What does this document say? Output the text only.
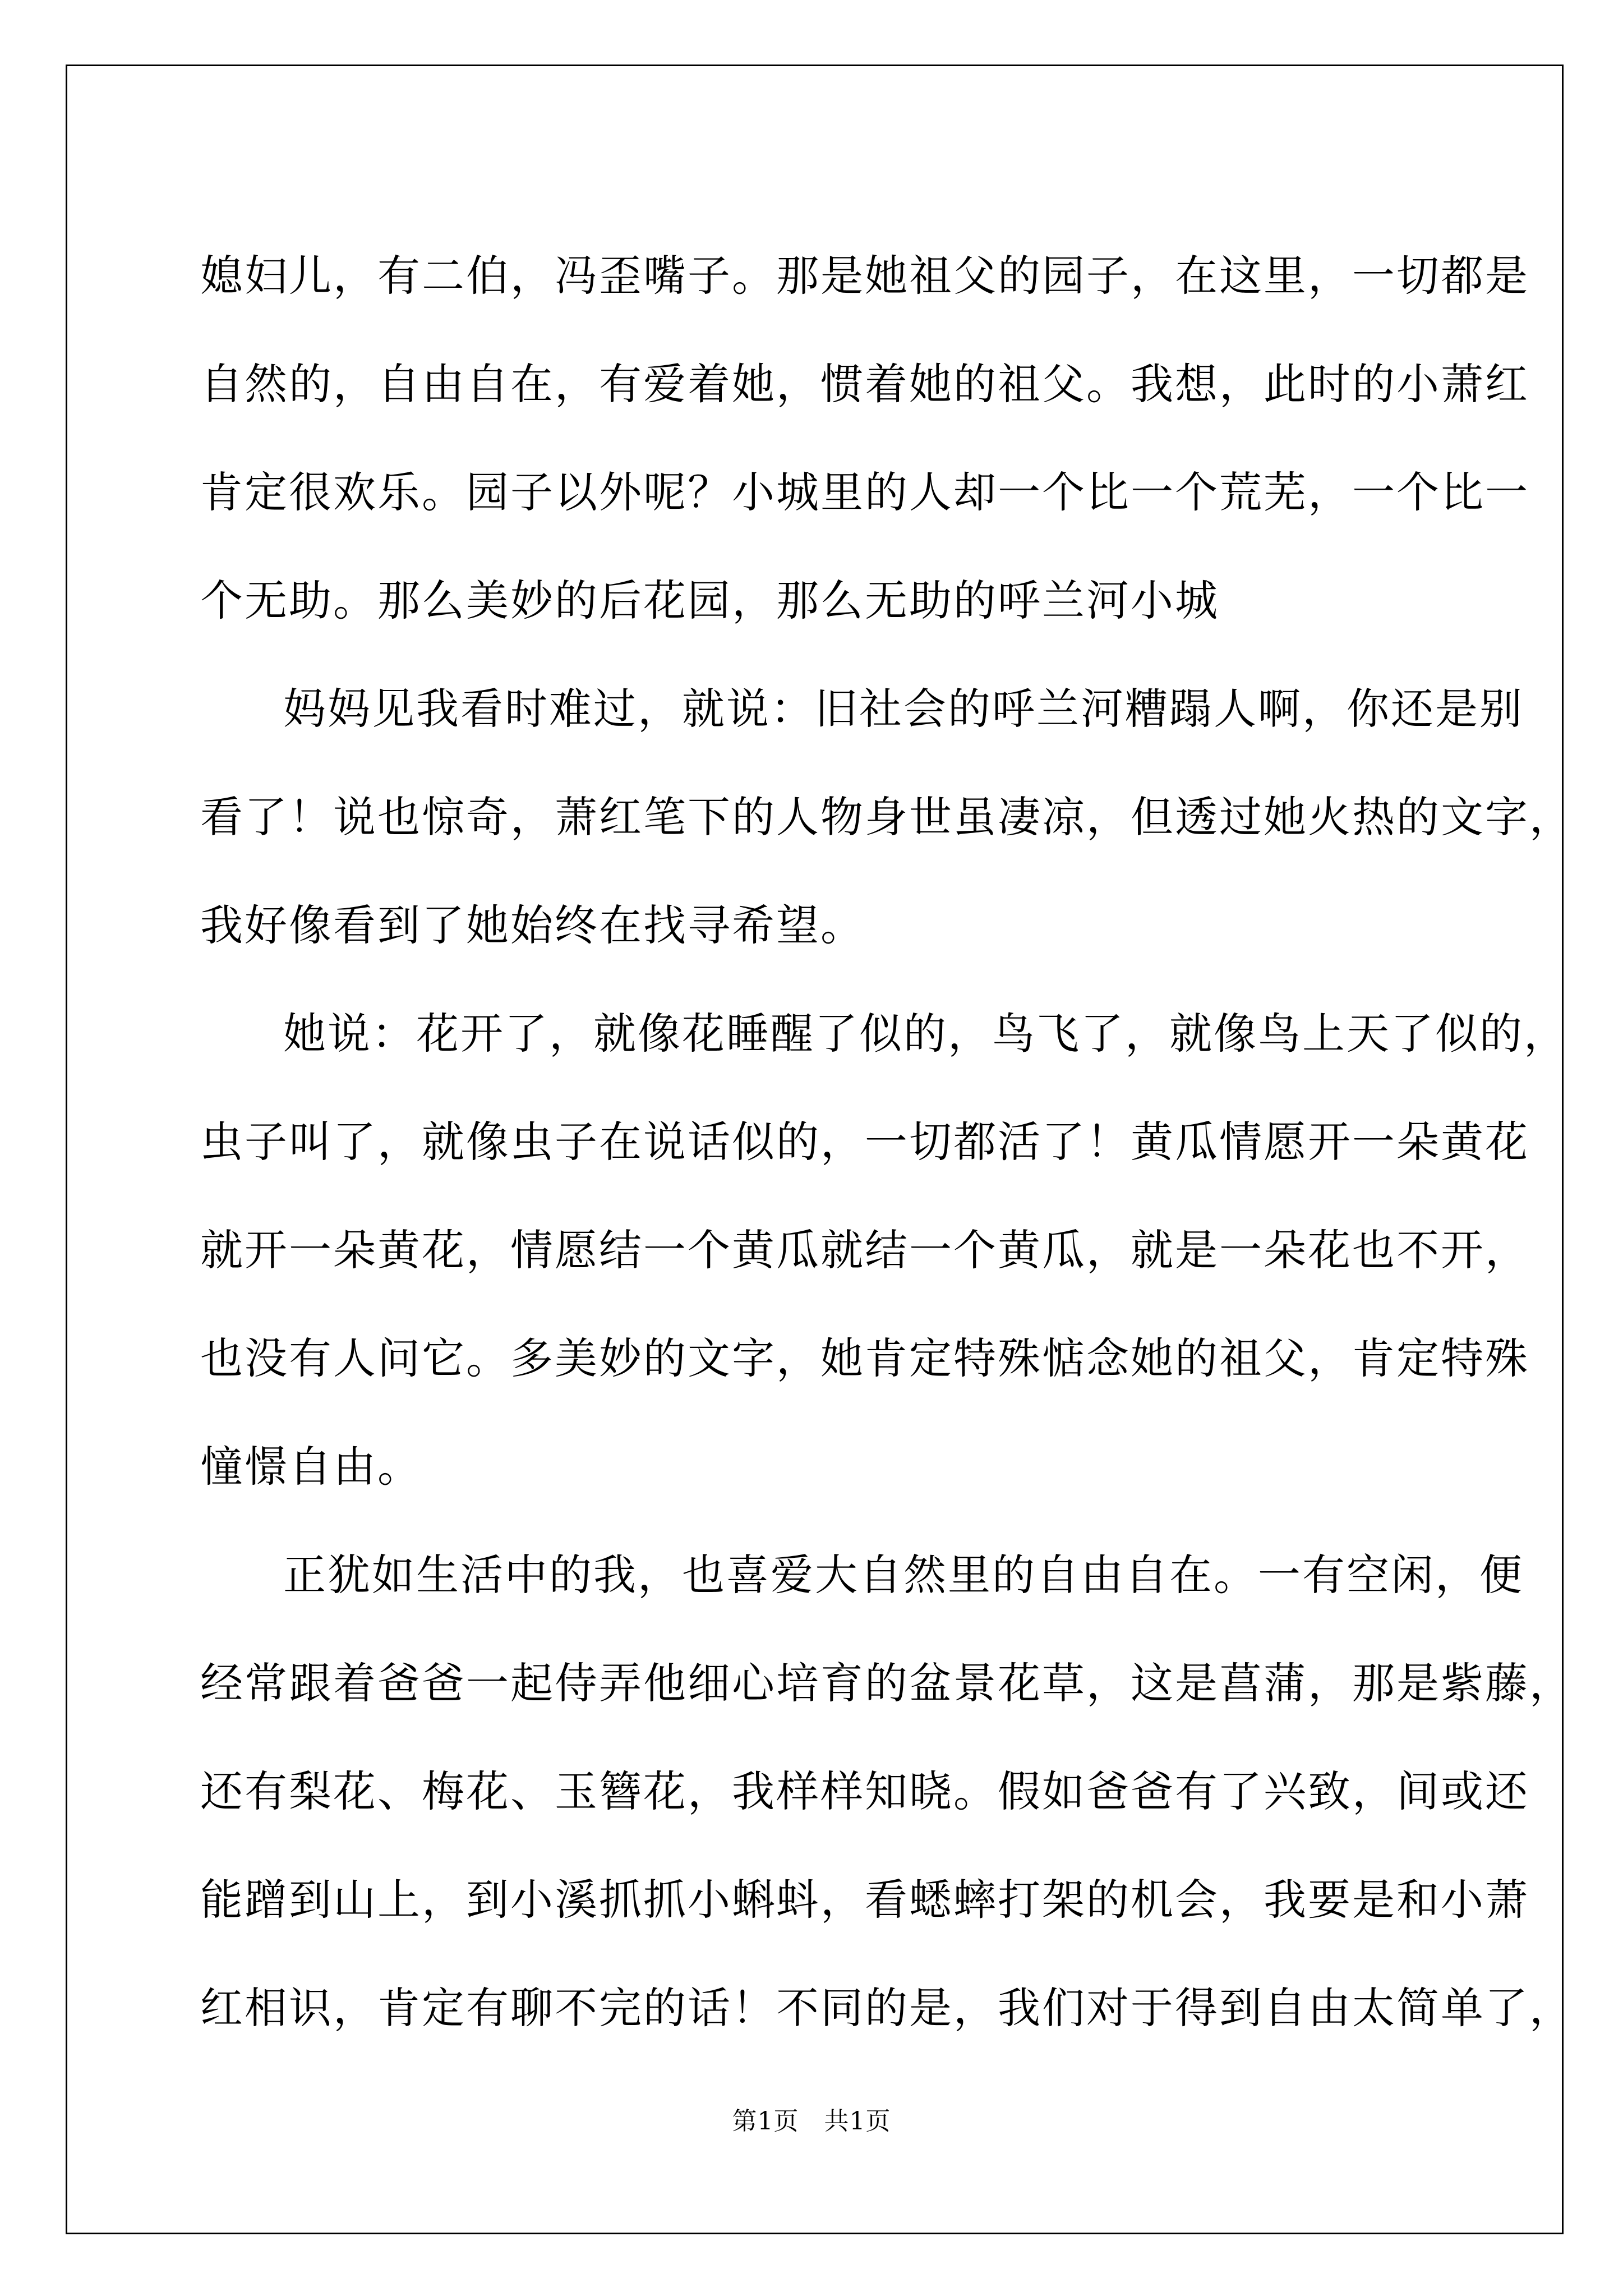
媳妇儿，有二伯，冯歪嘴子。那是她祖父的园子，在这里，一切都是
自然的，自由自在，有爱着她，惯着她的祖父。我想，此时的小萧红
肯定很欢乐。园子以外呢？小城里的人却一个比一个荒芜，一个比一
个无助。那么美妙的后花园，那么无助的呼兰河小城
妈妈见我看时难过，就说：旧社会的呼兰河糟蹋人啊，你还是别
看了！说也惊奇，萧红笔下的人物身世虽凄凉，但透过她火热的文字，
我好像看到了她始终在找寻希望。
她说：花开了，就像花睡醒了似的，鸟飞了，就像鸟上天了似的，
虫子叫了，就像虫子在说话似的，一切都活了！黄瓜情愿开一朵黄花
就开一朵黄花，情愿结一个黄瓜就结一个黄瓜，就是一朵花也不开，
也没有人问它。多美妙的文字，她肯定特殊惦念她的祖父，肯定特殊
憧憬自由。
正犹如生活中的我，也喜爱大自然里的自由自在。一有空闲，便
经常跟着爸爸一起侍弄他细心培育的盆景花草，这是菖蒲，那是紫藤，
还有梨花、梅花、玉簪花，我样样知晓。假如爸爸有了兴致，间或还
能蹭到山上，到小溪抓抓小蝌蚪，看蟋蟀打架的机会，我要是和小萧
红相识，肯定有聊不完的话！不同的是，我们对于得到自由太简单了，
第1页　共1页
